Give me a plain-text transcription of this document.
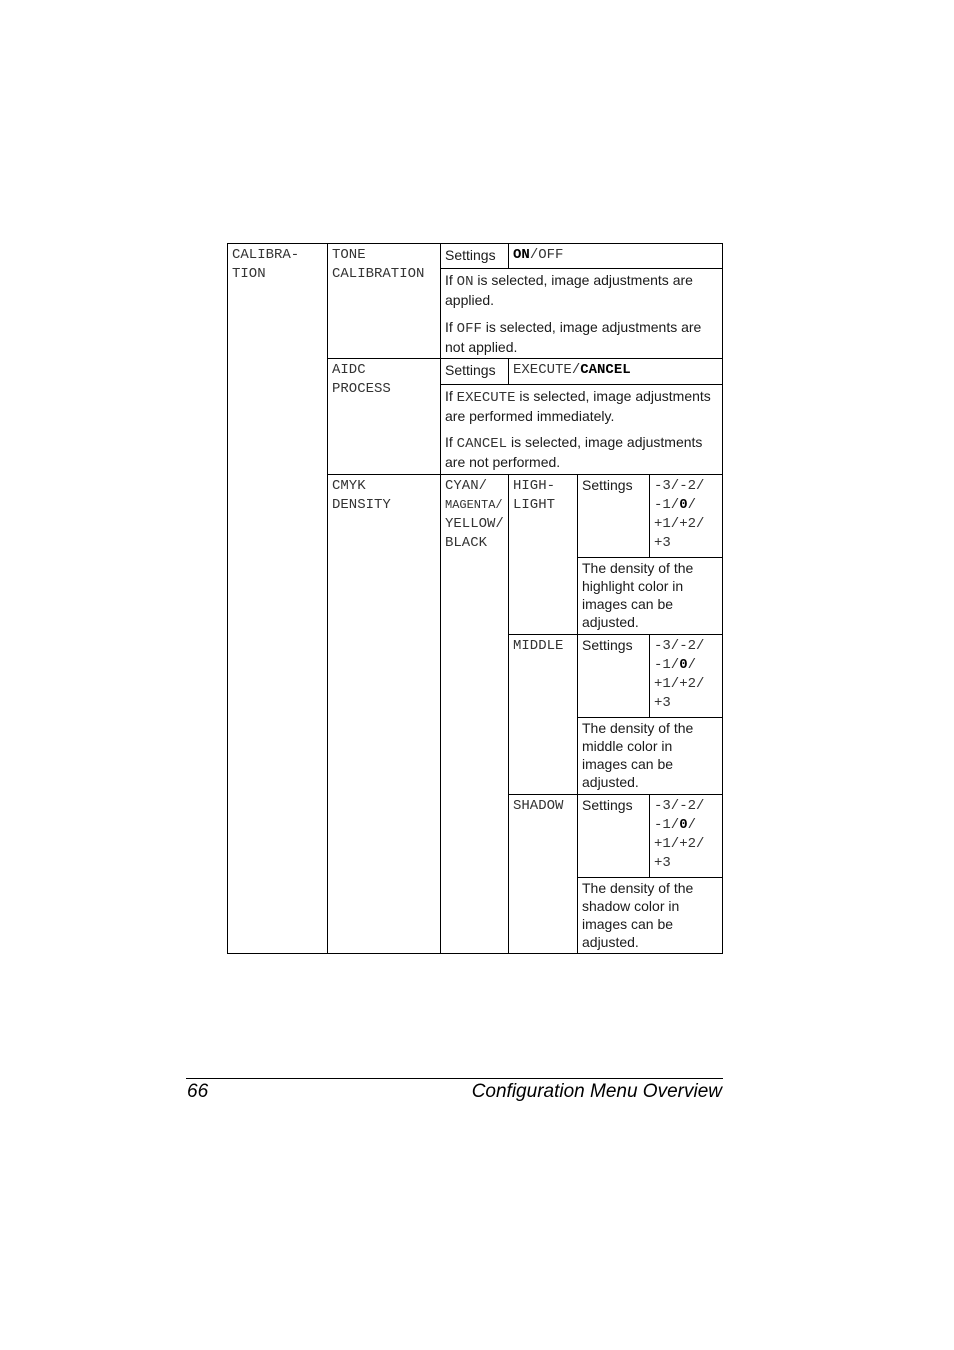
CALIBRA-
TION
TONE
CALIBRATION
Settings ON/OFF
If ON is selected, image adjustments are applied.
If OFF is selected, image adjustments are not applied.
AIDC
PROCESS
Settings EXECUTE/CANCEL
If EXECUTE is selected, image adjustments are performed immediately.
If CANCEL is selected, image adjustments are not performed.
CMYK
DENSITY
CYAN/
MAGENTA/
YELLOW/
BLACK
HIGH-
LIGHT
Settings -3/-2/
-1/0/
+1/+2/
+3
The density of the
highlight color in
images can be
adjusted.
MIDDLE Settings -3/-2/
-1/0/
+1/+2/
+3
The density of the
middle color in
images can be
adjusted.
SHADOW Settings -3/-2/
-1/0/
+1/+2/
+3
The density of the
shadow color in
images can be
adjusted.
66	Configuration Menu Overview
